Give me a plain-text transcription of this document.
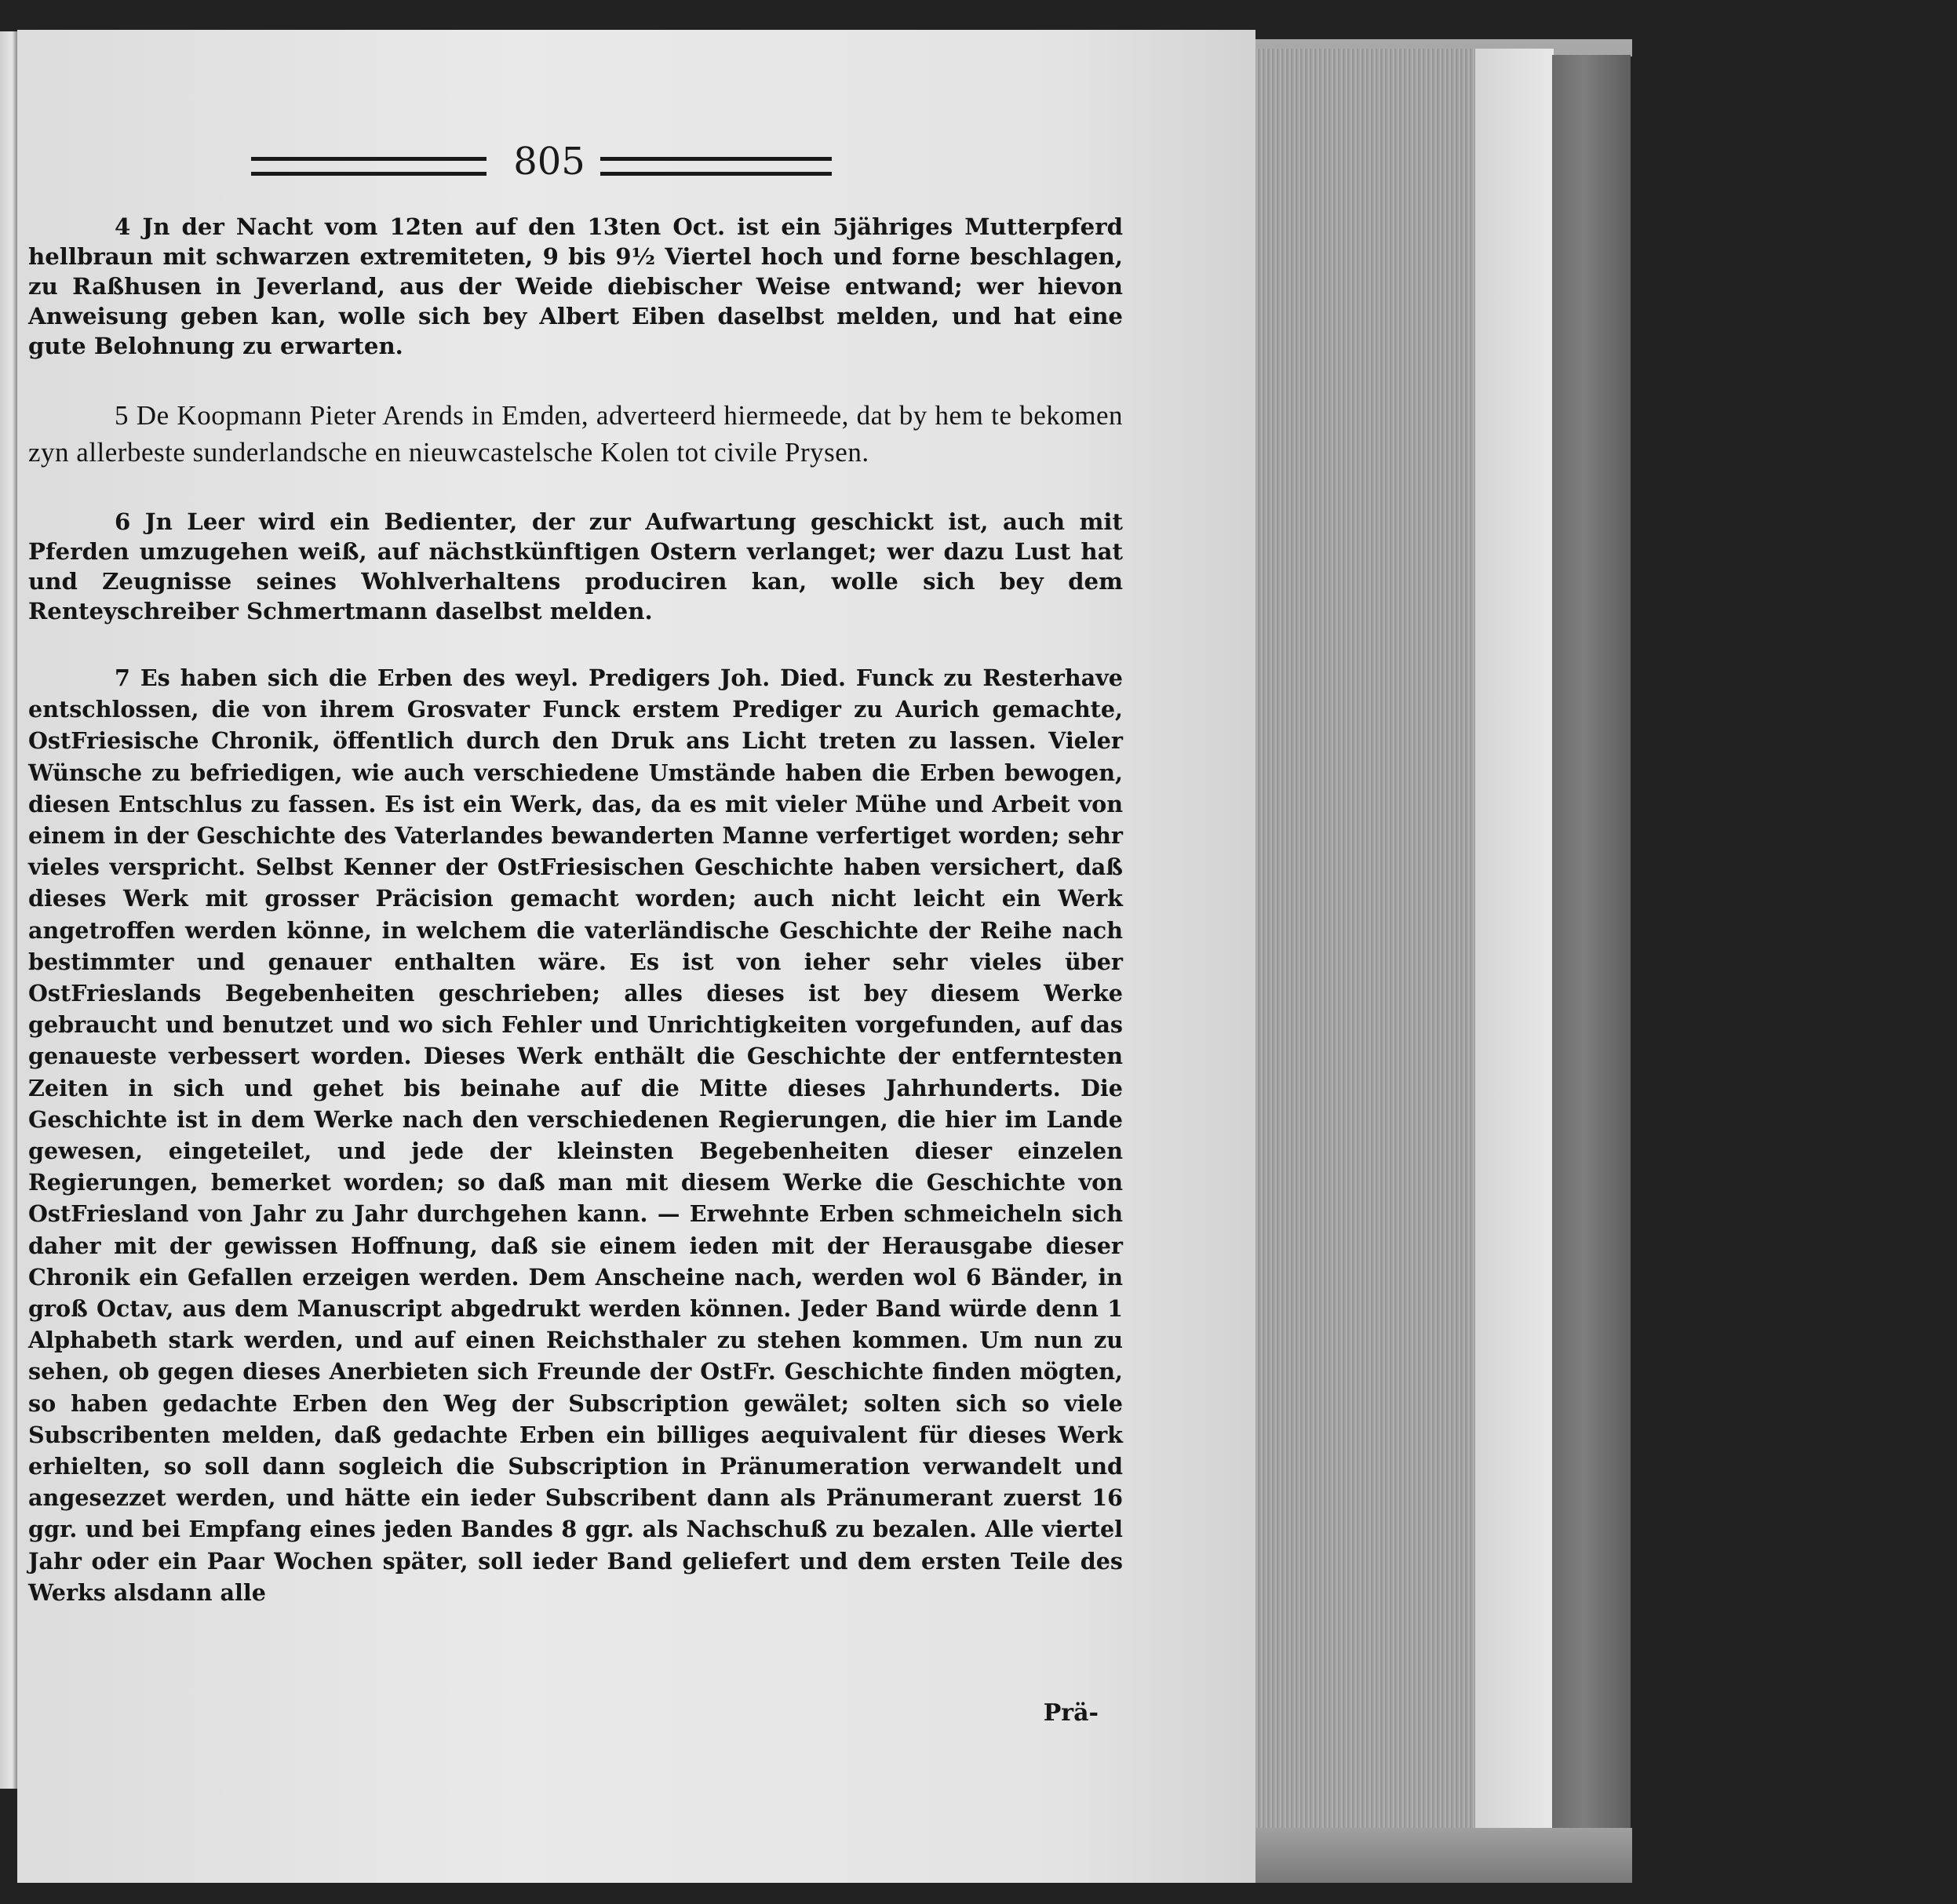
805

4 Jn der Nacht vom 12ten auf den 13ten Oct. ist ein 5jähriges Mutterpferd hellbraun mit schwarzen extremiteten, 9 bis 9½ Viertel hoch und forne beschlagen, zu Raßhusen in Jeverland, aus der Weide diebischer Weise entwand; wer hievon Anweisung geben kan, wolle sich bey Albert Eiben daselbst melden, und hat eine gute Belohnung zu erwarten.

5 De Koopmann Pieter Arends in Emden, adverteerd hiermeede, dat by hem te bekomen zyn allerbeste sunderlandsche en nieuwcastelsche Kolen tot civile Prysen.

6 Jn Leer wird ein Bedienter, der zur Aufwartung geschickt ist, auch mit Pferden umzugehen weiß, auf nächstkünftigen Ostern verlanget; wer dazu Lust hat und Zeugnisse seines Wohlverhaltens produciren kan, wolle sich bey dem Renteyschreiber Schmertmann daselbst melden.

7 Es haben sich die Erben des weyl. Predigers Joh. Died. Funck zu Resterhave entschlossen, die von ihrem Grosvater Funck erstem Prediger zu Aurich gemachte, OstFriesische Chronik, öffentlich durch den Druk ans Licht treten zu lassen. Vieler Wünsche zu befriedigen, wie auch verschiedene Umstände haben die Erben bewogen, diesen Entschlus zu fassen. Es ist ein Werk, das, da es mit vieler Mühe und Arbeit von einem in der Geschichte des Vaterlandes bewanderten Manne verfertiget worden; sehr vieles verspricht. Selbst Kenner der OstFriesischen Geschichte haben versichert, daß dieses Werk mit grosser Präcision gemacht worden; auch nicht leicht ein Werk angetroffen werden könne, in welchem die vaterländische Geschichte der Reihe nach bestimmter und genauer enthalten wäre. Es ist von ieher sehr vieles über OstFrieslands Begebenheiten geschrieben; alles dieses ist bey diesem Werke gebraucht und benutzet und wo sich Fehler und Unrichtigkeiten vorgefunden, auf das genaueste verbessert worden. Dieses Werk enthält die Geschichte der entferntesten Zeiten in sich und gehet bis beinahe auf die Mitte dieses Jahrhunderts. Die Geschichte ist in dem Werke nach den verschiedenen Regierungen, die hier im Lande gewesen, eingeteilet, und jede der kleinsten Begebenheiten dieser einzelen Regierungen, bemerket worden; so daß man mit diesem Werke die Geschichte von OstFriesland von Jahr zu Jahr durchgehen kann. — Erwehnte Erben schmeicheln sich daher mit der gewissen Hoffnung, daß sie einem ieden mit der Herausgabe dieser Chronik ein Gefallen erzeigen werden. Dem Anscheine nach, werden wol 6 Bänder, in groß Octav, aus dem Manuscript abgedrukt werden können. Jeder Band würde denn 1 Alphabeth stark werden, und auf einen Reichsthaler zu stehen kommen. Um nun zu sehen, ob gegen dieses Anerbieten sich Freunde der OstFr. Geschichte finden mögten, so haben gedachte Erben den Weg der Subscription gewälet; solten sich so viele Subscribenten melden, daß gedachte Erben ein billiges aequivalent für dieses Werk erhielten, so soll dann sogleich die Subscription in Pränumeration verwandelt und angesezzet werden, und hätte ein ieder Subscribent dann als Pränumerant zuerst 16 ggr. und bei Empfang eines jeden Bandes 8 ggr. als Nachschuß zu bezalen. Alle viertel Jahr oder ein Paar Wochen später, soll ieder Band geliefert und dem ersten Teile des Werks alsdann alle

Prä-
